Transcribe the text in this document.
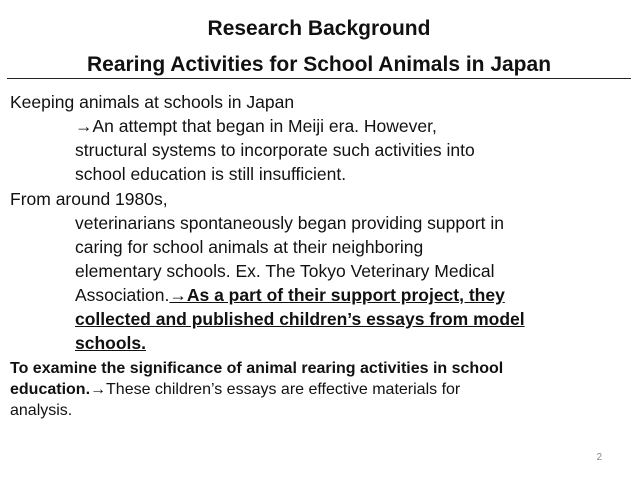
Research Background
Rearing Activities for School Animals in Japan
Keeping animals at schools in Japan
→An attempt that began in Meiji era. However,
structural systems to incorporate such activities into
school education is still insufficient.
From around 1980s,
veterinarians spontaneously began providing support in
caring for school animals at their neighboring
elementary schools. Ex. The Tokyo Veterinary Medical
Association.→As a part of their support project, they
collected and published children’s essays from model
schools.
To examine the significance of animal rearing activities in school
education.→These children’s essays are effective materials for
analysis.
2
